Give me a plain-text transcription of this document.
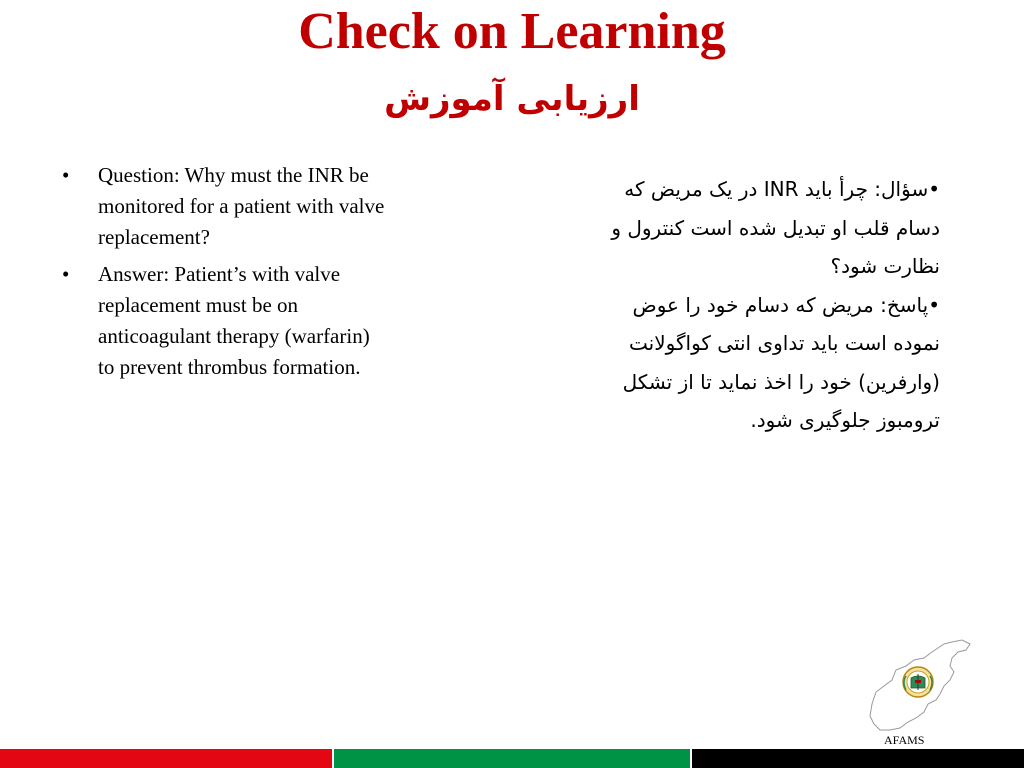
Check on Learning
ارزیابی آموزش
• Question: Why must the INR be monitored for a patient with valve replacement?
• Answer: Patient’s with valve replacement must be on anticoagulant therapy (warfarin) to prevent thrombus formation.

•سؤال: چرأ باید INR در یک مریض که دسام قلب او تبدیل شده است کنترول و نظارت شود؟

•پاسخ: مریض که دسام خود را عوض نموده است باید تداوی انتی کواگولانت (وارفرین) خود را اخذ نماید تا از تشکل ترومبوز جلوگیری شود.

AFAMS
